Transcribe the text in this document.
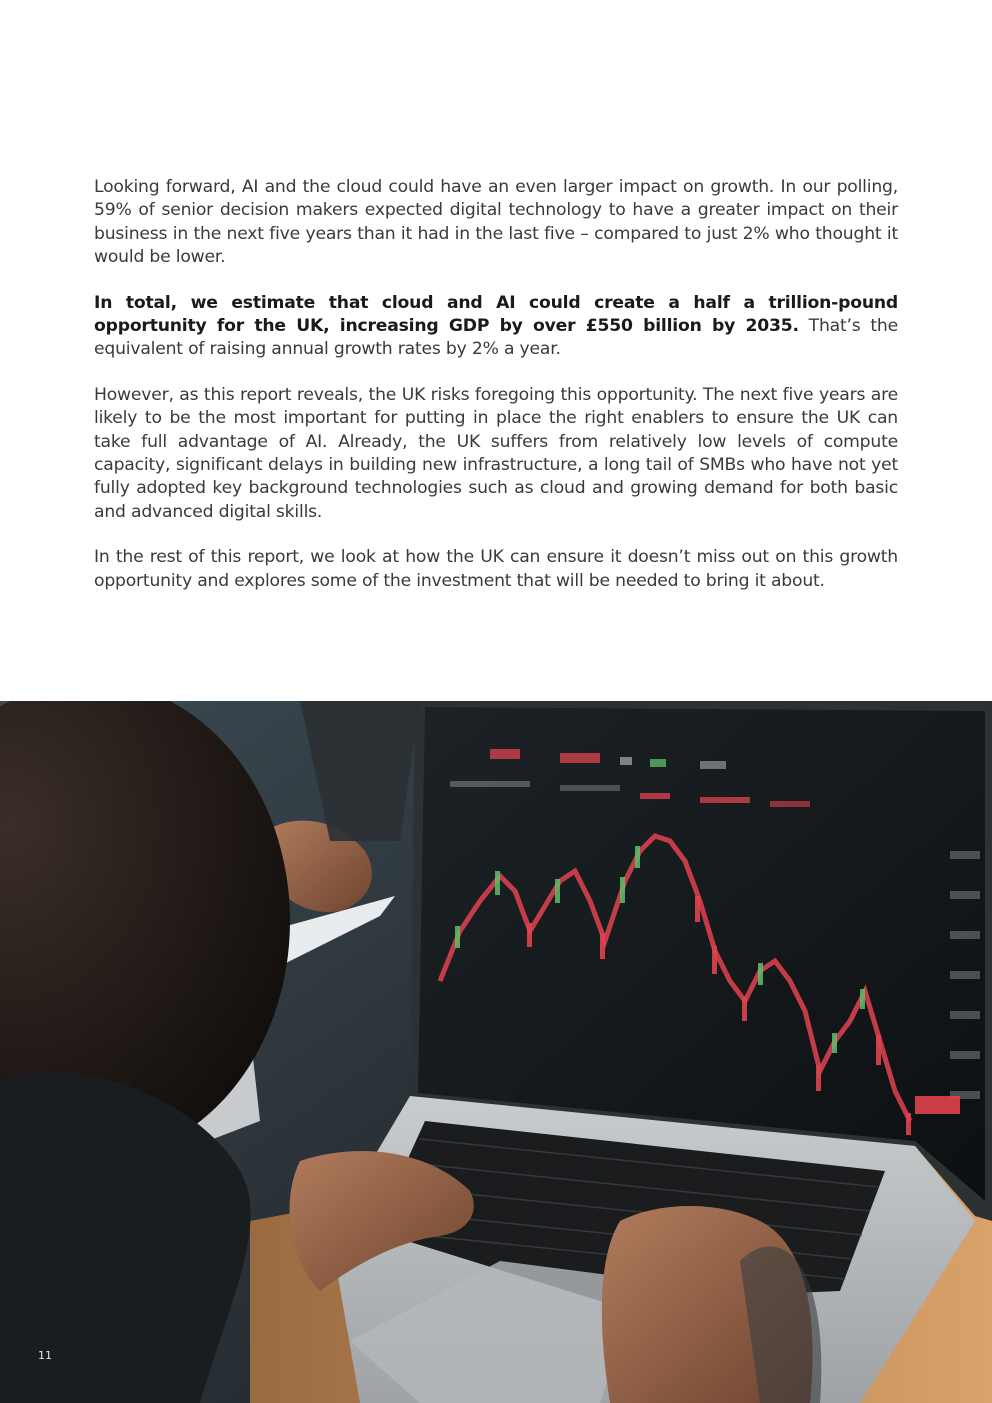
Looking forward, AI and the cloud could have an even larger impact on growth. In our polling, 59% of senior decision makers expected digital technology to have a greater impact on their business in the next five years than it had in the last five – compared to just 2% who thought it would be lower.

In total, we estimate that cloud and AI could create a half a trillion-pound opportunity for the UK, increasing GDP by over £550 billion by 2035. That’s the equivalent of raising annual growth rates by 2% a year.

However, as this report reveals, the UK risks foregoing this opportunity. The next five years are likely to be the most important for putting in place the right enablers to ensure the UK can take full advantage of AI. Already, the UK suffers from relatively low levels of compute capacity, significant delays in building new infrastructure, a long tail of SMBs who have not yet fully adopted key background technologies such as cloud and growing demand for both basic and advanced digital skills.

In the rest of this report, we look at how the UK can ensure it doesn’t miss out on this growth opportunity and explores some of the investment that will be needed to bring it about.

11
